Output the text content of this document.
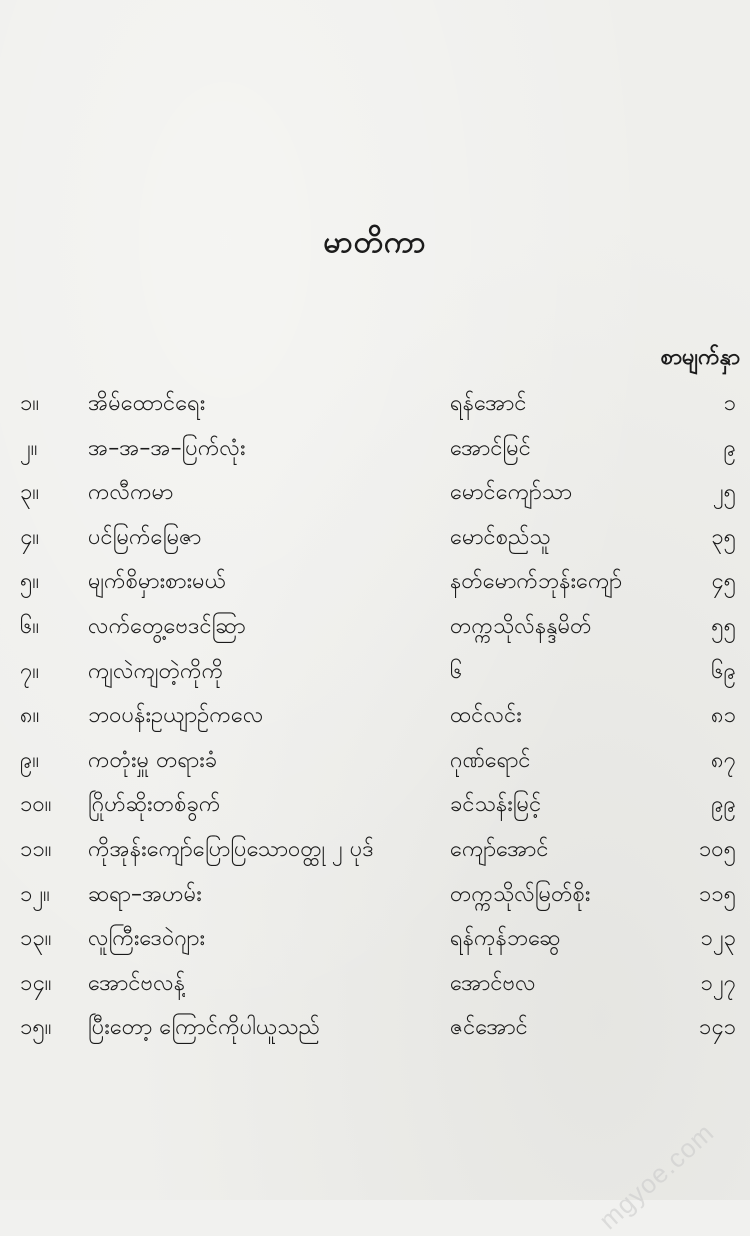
မာတိကာ
စာမျက်နှာ
၁။	အိမ်ထောင်ရေး	ရန်အောင်	၁
၂။	အ–အ–အ–ပြက်လုံး	အောင်မြင်	၉
၃။	ကလီကမာ	မောင်ကျော်သာ	၂၅
၄။	ပင်မြက်မြေဇာ	မောင်စည်သူ	၃၅
၅။	မျက်စိမှားစားမယ်	နတ်မောက်ဘုန်းကျော်	၄၅
၆။	လက်တွေ့ဗေဒင်ဆြာ	တက္ကသိုလ်နန္ဒမိတ်	၅၅
၇။	ကျလဲကျတဲ့ကိုကို	၆	၆၉
၈။	ဘဝပန်းဥယျာဉ်ကလေ	ထင်လင်း	၈၁
၉။	ကတုံးမှူ တရားခံ	ဂုဏ်ရောင်	၈၇
၁၀။	ဂြိုဟ်ဆိုးတစ်ခွက်	ခင်သန်းမြင့်	၉၉
၁၁။	ကိုအုန်းကျော်ပြောပြသောဝတ္ထု ၂ ပုဒ်	ကျော်အောင်	၁၀၅
၁၂။	ဆရာ–အဟမ်း	တက္ကသိုလ်မြတ်စိုး	၁၁၅
၁၃။	လူကြီးဒေဝဲဂျား	ရန်ကုန်ဘဆွေ	၁၂၃
၁၄။	အောင်ဗလန့်	အောင်ဗလ	၁၂၇
၁၅။	ပြီးတော့ ကြောင်ကိုပါယူသည်	ဇင်အောင်	၁၄၁
mgyoe.com
